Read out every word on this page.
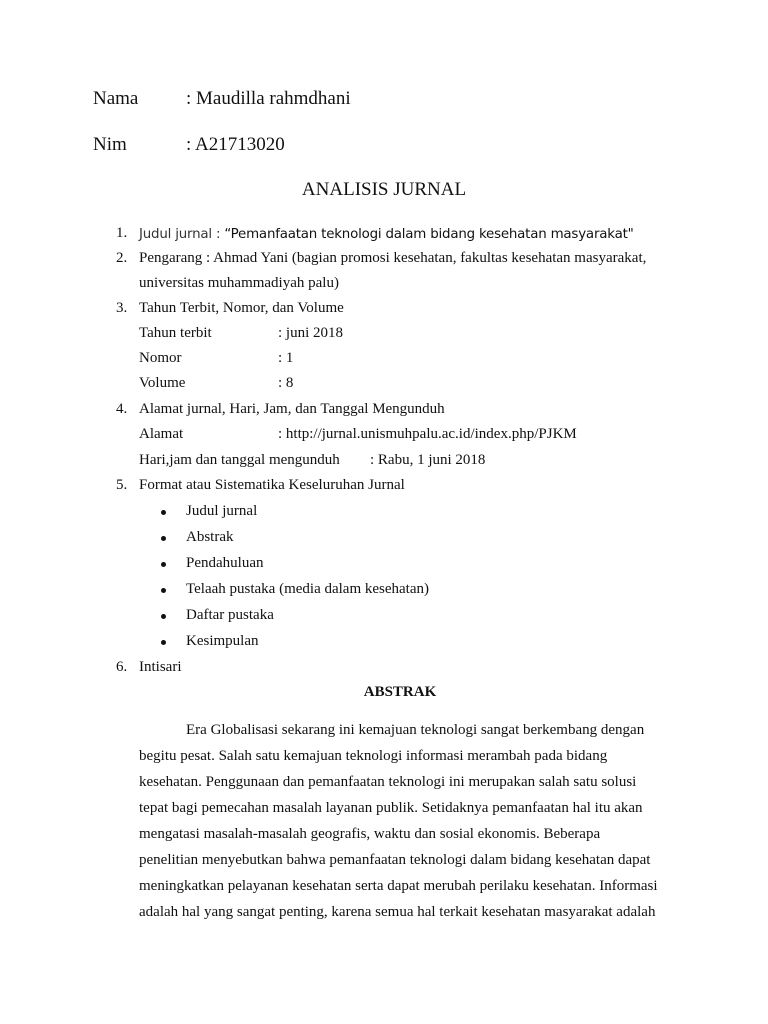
Nama	: Maudilla rahmdhani
Nim	: A21713020
ANALISIS JURNAL
1. Judul jurnal : “Pemanfaatan teknologi dalam bidang kesehatan masyarakat"
2. Pengarang : Ahmad Yani (bagian promosi kesehatan, fakultas kesehatan masyarakat,
universitas muhammadiyah palu)
3. Tahun Terbit, Nomor, dan Volume
Tahun terbit	: juni 2018
Nomor	: 1
Volume	: 8
4. Alamat jurnal, Hari, Jam, dan Tanggal Mengunduh
Alamat	: http://jurnal.unismuhpalu.ac.id/index.php/PJKM
Hari,jam dan tanggal mengunduh : Rabu, 1 juni 2018
5. Format atau Sistematika Keseluruhan Jurnal
Judul jurnal
Abstrak
Pendahuluan
Telaah pustaka (media dalam kesehatan)
Daftar pustaka
Kesimpulan
6. Intisari
ABSTRAK
Era Globalisasi sekarang ini kemajuan teknologi sangat berkembang dengan
begitu pesat. Salah satu kemajuan teknologi informasi merambah pada bidang
kesehatan. Penggunaan dan pemanfaatan teknologi ini merupakan salah satu solusi
tepat bagi pemecahan masalah layanan publik. Setidaknya pemanfaatan hal itu akan
mengatasi masalah-masalah geografis, waktu dan sosial ekonomis. Beberapa
penelitian menyebutkan bahwa pemanfaatan teknologi dalam bidang kesehatan dapat
meningkatkan pelayanan kesehatan serta dapat merubah perilaku kesehatan. Informasi
adalah hal yang sangat penting, karena semua hal terkait kesehatan masyarakat adalah
